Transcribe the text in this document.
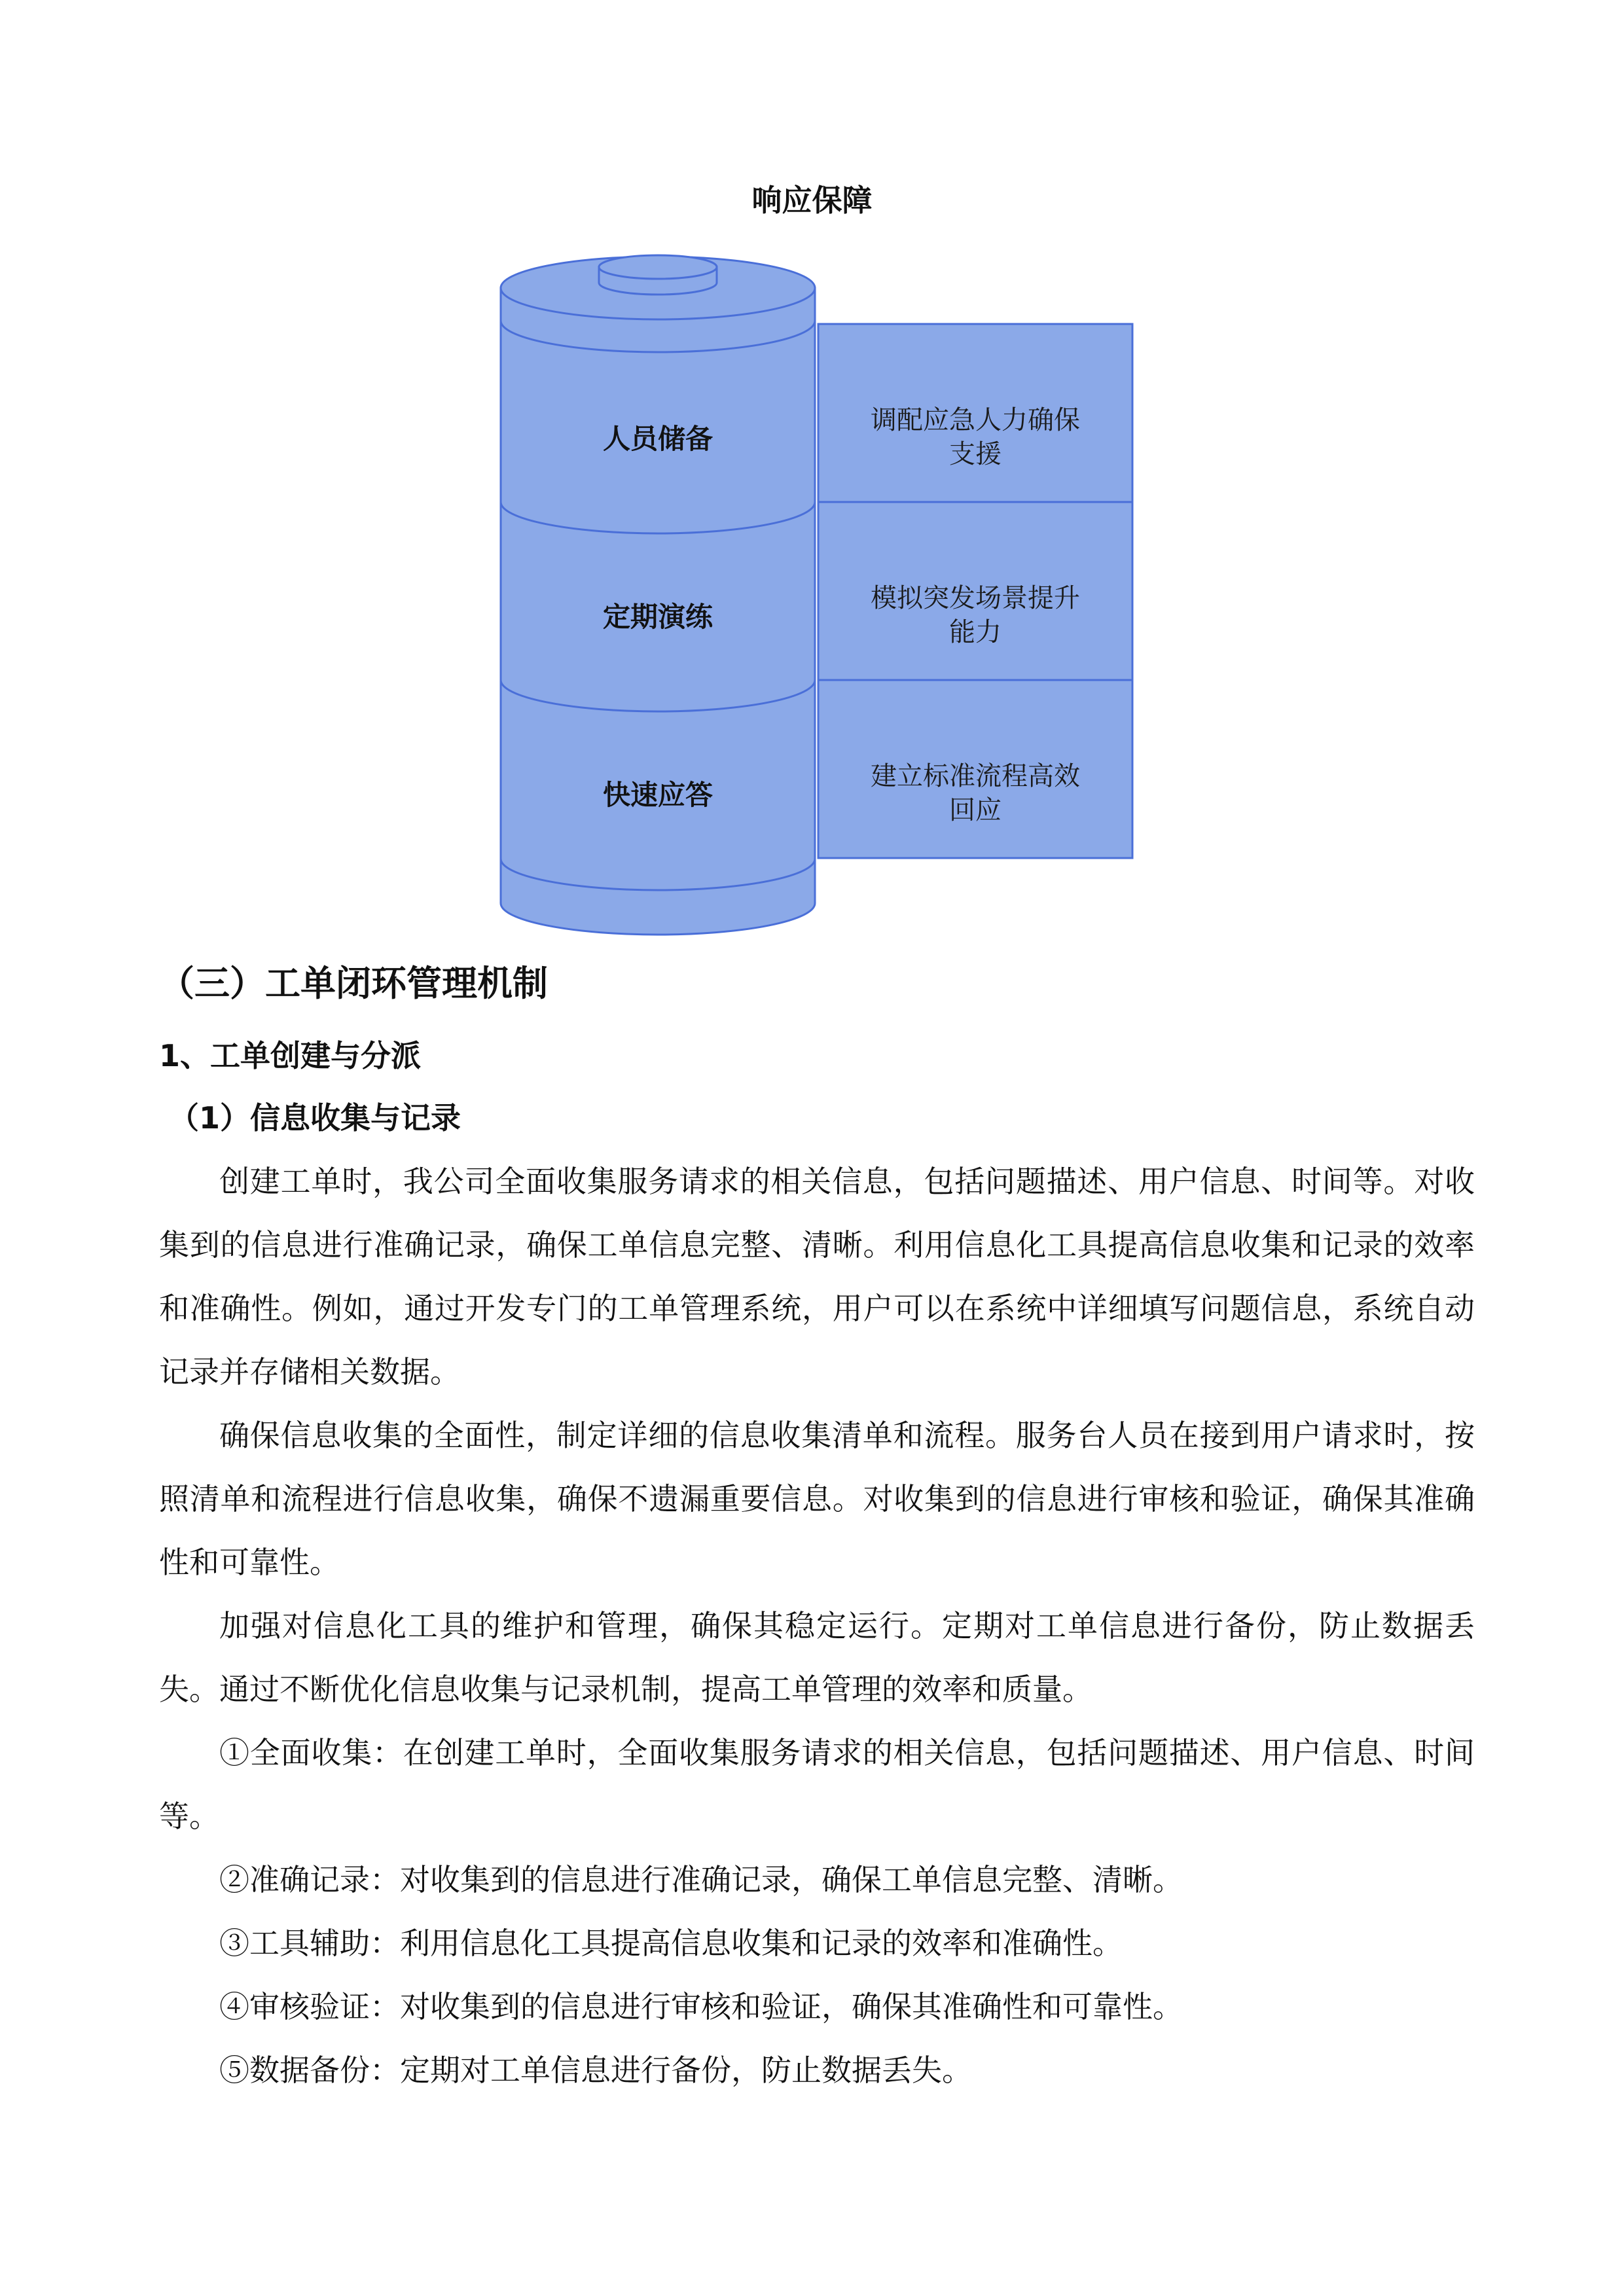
响应保障
人员储备
定期演练
快速应答
调配应急人力确保
支援
模拟突发场景提升
能力
建立标准流程高效
回应
（三）工单闭环管理机制
1、工单创建与分派
（1）信息收集与记录

创建工单时，我公司全面收集服务请求的相关信息，包括问题描述、用户信息、时间等。对收集到的信息进行准确记录，确保工单信息完整、清晰。利用信息化工具提高信息收集和记录的效率和准确性。例如，通过开发专门的工单管理系统，用户可以在系统中详细填写问题信息，系统自动记录并存储相关数据。

确保信息收集的全面性，制定详细的信息收集清单和流程。服务台人员在接到用户请求时，按照清单和流程进行信息收集，确保不遗漏重要信息。对收集到的信息进行审核和验证，确保其准确性和可靠性。

加强对信息化工具的维护和管理，确保其稳定运行。定期对工单信息进行备份，防止数据丢失。通过不断优化信息收集与记录机制，提高工单管理的效率和质量。

①全面收集：在创建工单时，全面收集服务请求的相关信息，包括问题描述、用户信息、时间等。

②准确记录：对收集到的信息进行准确记录，确保工单信息完整、清晰。

③工具辅助：利用信息化工具提高信息收集和记录的效率和准确性。

④审核验证：对收集到的信息进行审核和验证，确保其准确性和可靠性。

⑤数据备份：定期对工单信息进行备份，防止数据丢失。
